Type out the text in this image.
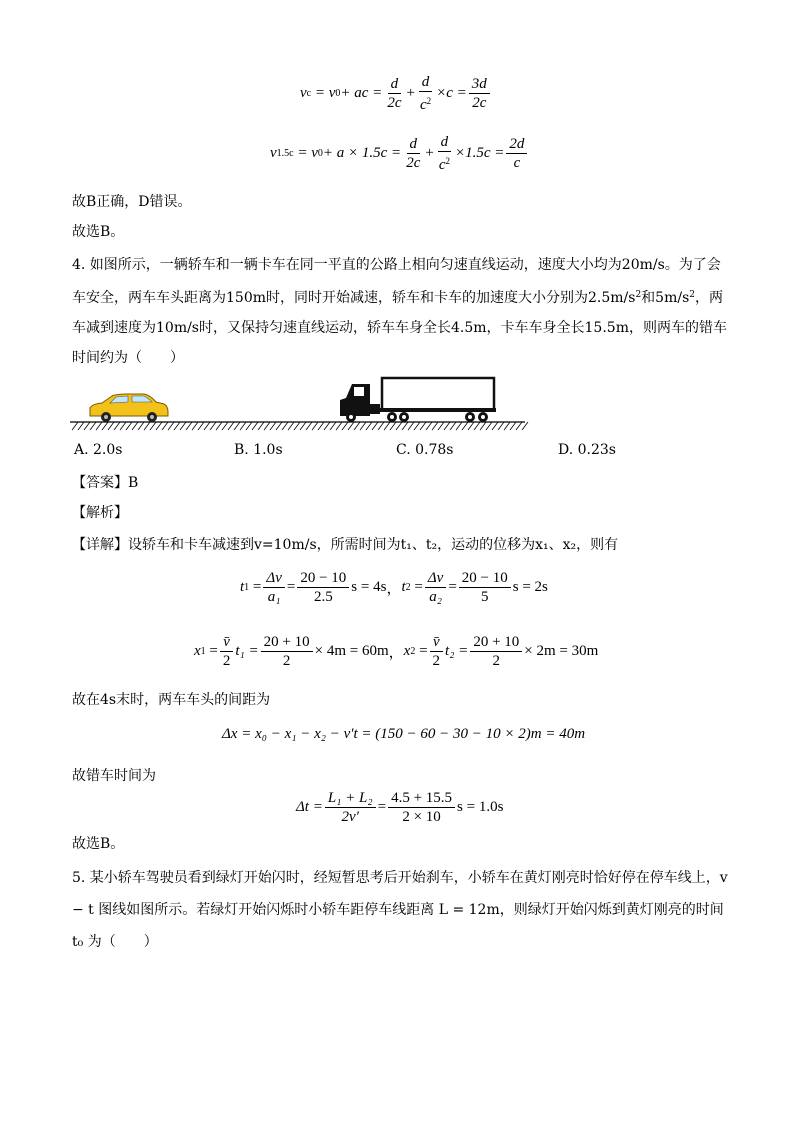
v c
= v 0 + ac = $\frac{d}{2c} + \frac{d}{c^2} \times c = \frac{3d}{2c}$
v 1.5c
= v $0 + a \times 1.5c = \frac{d}{2c} + \frac{d}{c^2} \times 1.5c = \frac{2d}{c}$
故B正确，D错误。
故选B。
4. 如图所示，一辆轿车和一辆卡车在同一平直的公路上相向匀速直线运动，速度大小均为20m/s。为了会车安全，两车车头距离为150m时，同时开始减速，轿车和卡车的加速度大小分别为$2.5m/s^2$和$5m/s^2$，两车减到速度为10m/s时，又保持匀速直线运动，轿车车身全长4.5m，卡车车身全长15.5m，则两车的错车时间约为（　　）
A. 2.0s	B. 1.0s	C. 0.78s	D. 0.23s
【答案】B
【解析】
【详解】设轿车和卡车减速到v=10m/s，所需时间为t₁、t₂，运动的位移为x₁、x₂，则有
t 1
= $\frac{\Delta v}{\text{a₁}} = \frac{20 - 10}{2.5}$ s = 4s ， t 2
= $\frac{\Delta v}{\text{a₂}} = \frac{20 - 10}{5}$ s = 2s
x $1 = \frac{v̄}{2} t_1 = \frac{20 + 10}{2} \times 4m = 60m$ ， x $2 = \frac{v̄}{2} t_2 = \frac{20 + 10}{2} \times 2m = 30m$
故在4s末时，两车车头的间距为
Δx = x₀ − x₁ − x₂ − v′t = (150 − 60 − 30 − 10 × 2)m = 40m
故错车时间为
$\Delta t = \frac{\text{L₁ + L₂}}{2v'} = \frac{4.5 + 15.5}{2 \times 10}$ s = 1.0s
故选B。
5. 某小轿车驾驶员看到绿灯开始闪时，经短暂思考后开始刹车，小轿车在黄灯刚亮时恰好停在停车线上，v − t 图线如图所示。若绿灯开始闪烁时小轿车距停车线距离 L = 12m，则绿灯开始闪烁到黄灯刚亮的时间 t₀ 为（　　）
